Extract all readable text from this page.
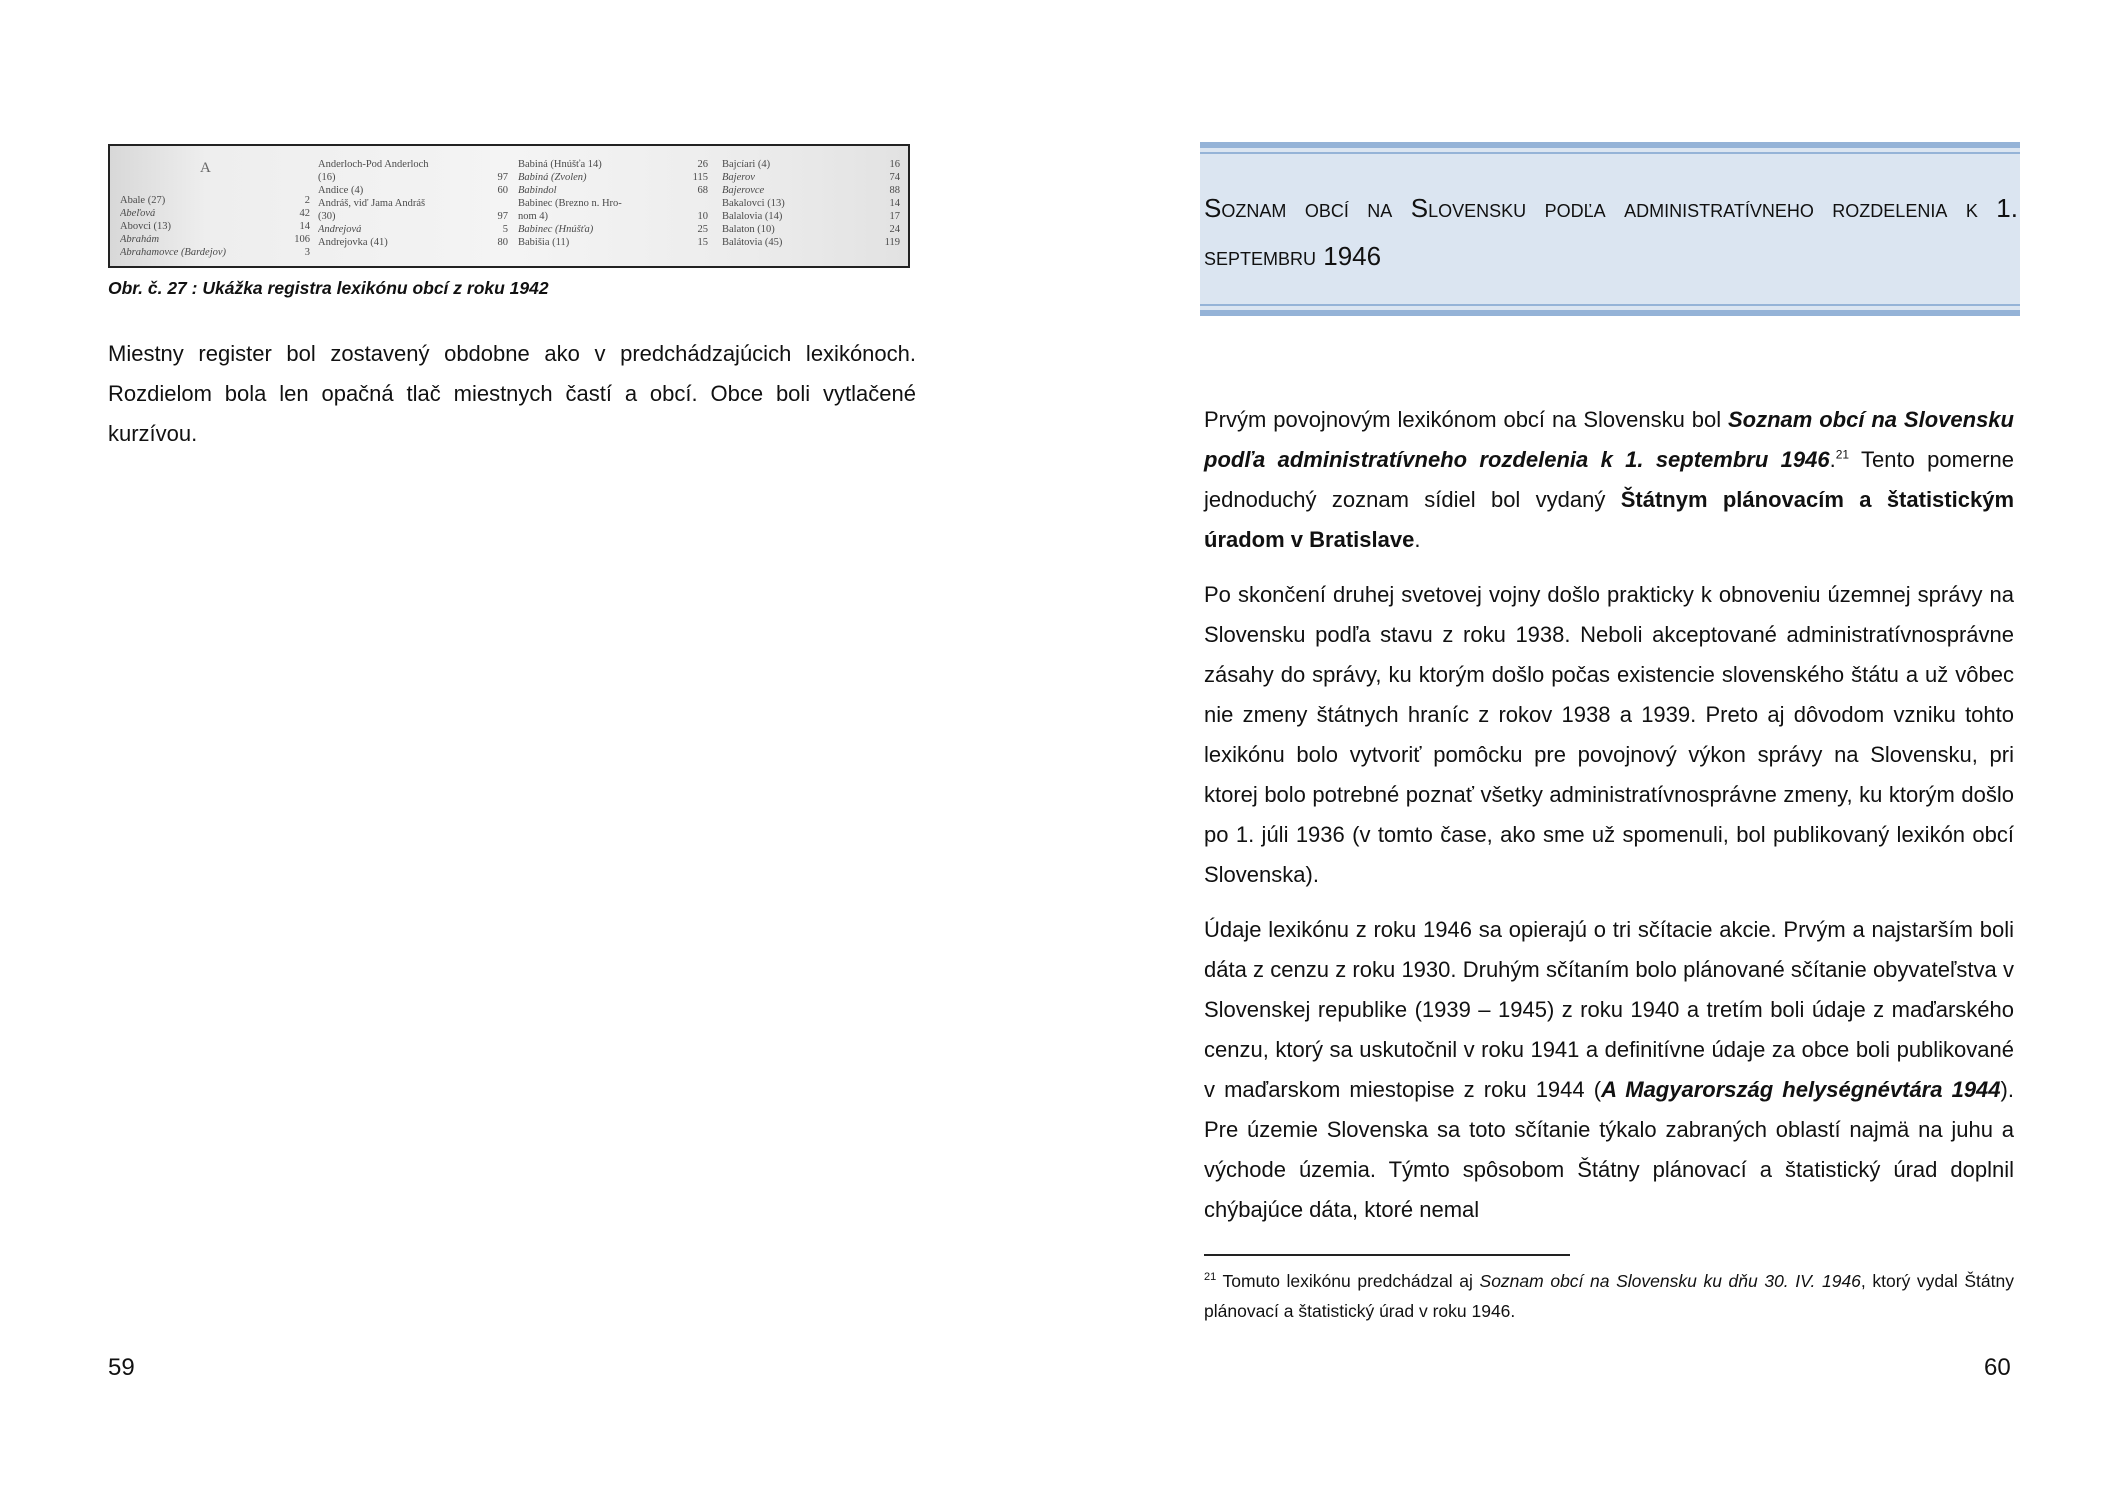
A
Abale (27)	2
Abeľová	42
Abovci (13)	14
Abrahám	106
Abrahamovce (Bardejov)	3
Anderloch-Pod Anderloch
(16)	97
Andice (4)	60
Andráš, viď Jama Andráš
(30)	97
Andrejová	5
Andrejovka (41)	80
Babiná (Hnúšťa 14)	26
Babiná (Zvolen)	115
Babindol	68
Babinec (Brezno n. Hro-
nom 4)	10
Babinec (Hnúšťa)	25
Babišia (11)	15
Bajcíari (4)	16
Bajerov	74
Bajerovce	88
Bakalovci (13)	14
Balalovia (14)	17
Balaton (10)	24
Balátovia (45)	119
Obr. č. 27 : Ukážka registra lexikónu obcí z roku 1942

Miestny register bol zostavený obdobne ako v predchádzajúcich lexikónoch. Rozdielom bola len opačná tlač miestnych častí a obcí. Obce boli vytlačené kurzívou.

59
Soznam obcí na Slovensku podľa administratívneho rozdelenia k 1. septembru 1946

Prvým povojnovým lexikónom obcí na Slovensku bol Soznam obcí na Slovensku podľa administratívneho rozdelenia k 1. septembru 1946.21 Tento pomerne jednoduchý zoznam sídiel bol vydaný Štátnym plánovacím a štatistickým úradom v Bratislave.

Po skončení druhej svetovej vojny došlo prakticky k obnoveniu územnej správy na Slovensku podľa stavu z roku 1938. Neboli akceptované administratívnosprávne zásahy do správy, ku ktorým došlo počas existencie slovenského štátu a už vôbec nie zmeny štátnych hraníc z rokov 1938 a 1939. Preto aj dôvodom vzniku tohto lexikónu bolo vytvoriť pomôcku pre povojnový výkon správy na Slovensku, pri ktorej bolo potrebné poznať všetky administratívnosprávne zmeny, ku ktorým došlo po 1. júli 1936 (v tomto čase, ako sme už spomenuli, bol publikovaný lexikón obcí Slovenska).

Údaje lexikónu z roku 1946 sa opierajú o tri sčítacie akcie. Prvým a najstarším boli dáta z cenzu z roku 1930. Druhým sčítaním bolo plánované sčítanie obyvateľstva v Slovenskej republike (1939 – 1945) z roku 1940 a tretím boli údaje z maďarského cenzu, ktorý sa uskutočnil v roku 1941 a definitívne údaje za obce boli publikované v maďarskom miestopise z roku 1944 (A Magyarország helységnévtára 1944). Pre územie Slovenska sa toto sčítanie týkalo zabraných oblastí najmä na juhu a východe územia. Týmto spôsobom Štátny plánovací a štatistický úrad doplnil chýbajúce dáta, ktoré nemal

$^{21}$ Tomuto lexikónu predchádzal aj Soznam obcí na Slovensku ku dňu 30. IV. 1946, ktorý vydal Štátny plánovací a štatistický úrad v roku 1946.
60
